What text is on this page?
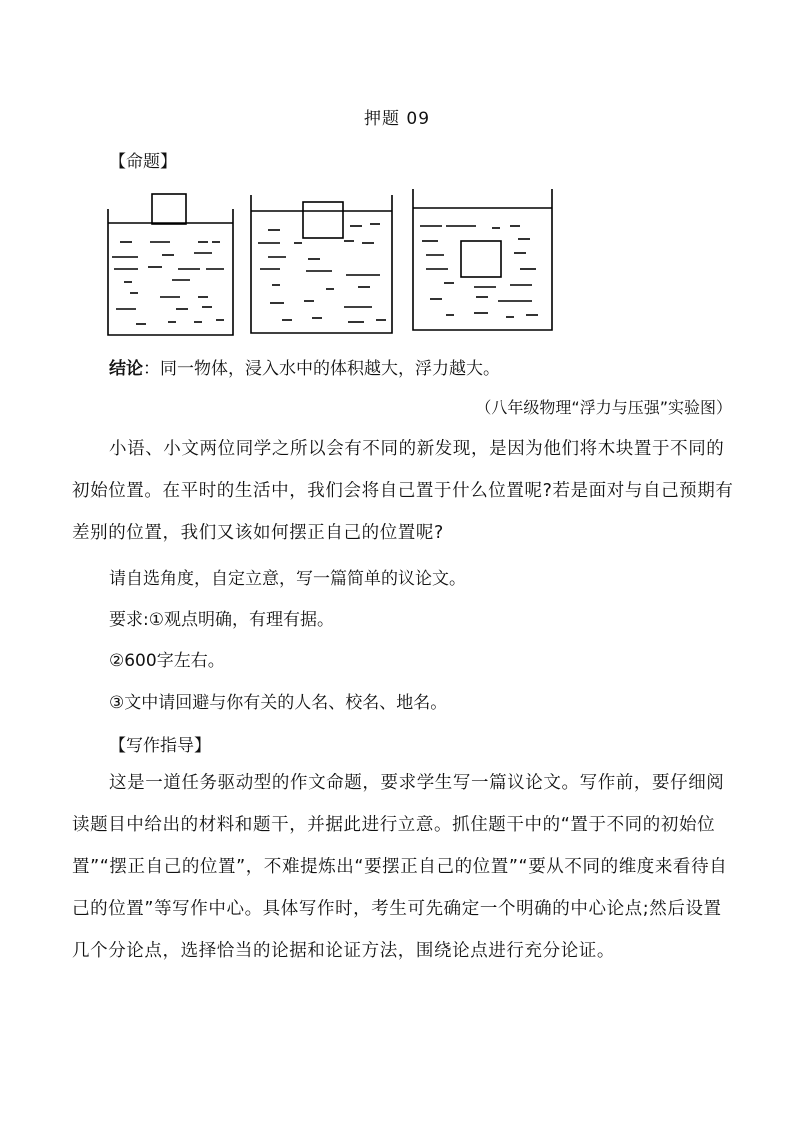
押题 09
【命题】
结论：同一物体，浸入水中的体积越大，浮力越大。
（八年级物理“浮力与压强”实验图）

小语、小文两位同学之所以会有不同的新发现，是因为他们将木块置于不同的初始位置。在平时的生活中，我们会将自己置于什么位置呢?若是面对与自己预期有差别的位置，我们又该如何摆正自己的位置呢?

请自选角度，自定立意，写一篇简单的议论文。
要求:①观点明确，有理有据。
②600字左右。
③文中请回避与你有关的人名、校名、地名。
【写作指导】

这是一道任务驱动型的作文命题，要求学生写一篇议论文。写作前，要仔细阅读题目中给出的材料和题干，并据此进行立意。抓住题干中的“置于不同的初始位置”“摆正自己的位置”，不难提炼出“要摆正自己的位置”“要从不同的维度来看待自己的位置”等写作中心。具体写作时，考生可先确定一个明确的中心论点;然后设置几个分论点，选择恰当的论据和论证方法，围绕论点进行充分论证。
